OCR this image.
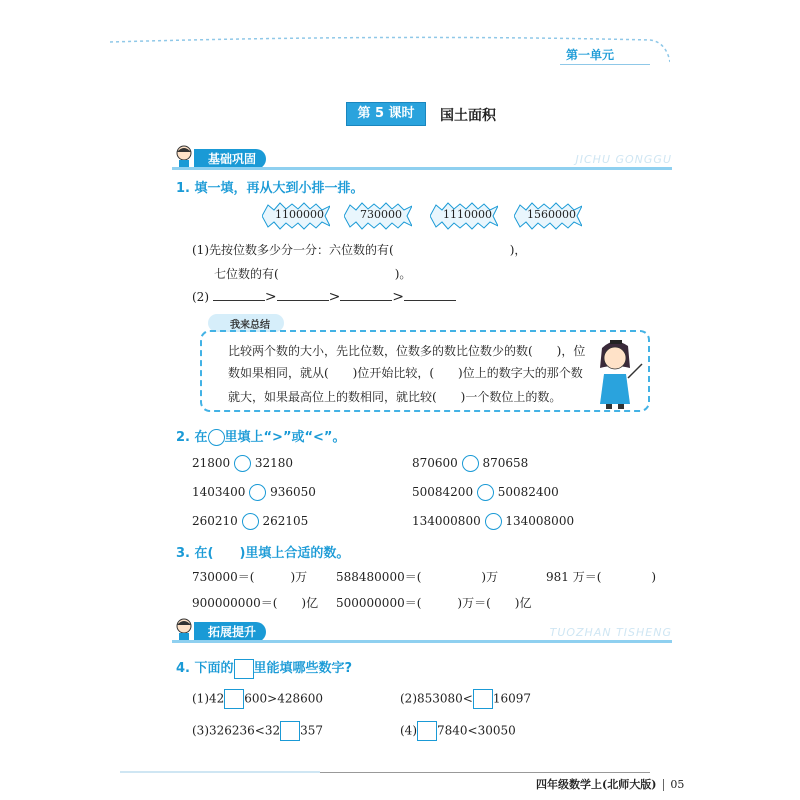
第一单元
第 5 课时	国土面积
基础巩固	JICHU GONGGU
1. 填一填，再从大到小排一排。
1100000	730000	1110000	1560000
(1)先按位数多少分一分：六位数的有(	)，
七位数的有(	)。
(2)	>	>	>
我来总结
比较两个数的大小，先比位数，位数多的数比位数少的数(　　)，位
数如果相同，就从(　　)位开始比较，(　　)位上的数字大的那个数
就大，如果最高位上的数相同，就比较(　　)一个数位上的数。
2. 在 里填上“>”或“<”。
21800 32180	870600 870658
1403400 936050	50084200 50082400
260210 262105	134000800 134008000
3. 在(　　)里填上合适的数。
730000＝(　　　)万 588480000＝(　　　　　)万	981 万＝(	)
900000000＝(　　)亿 500000000＝(　　　)万＝(　　)亿
拓展提升	TUOZHAN TISHENG
4. 下面的 里能填哪些数字?
(1)42 600>428600	(2)853080< 16097
(3)326236<32 357	(4) 7840<30050
四年级数学上(北师大版) 05
